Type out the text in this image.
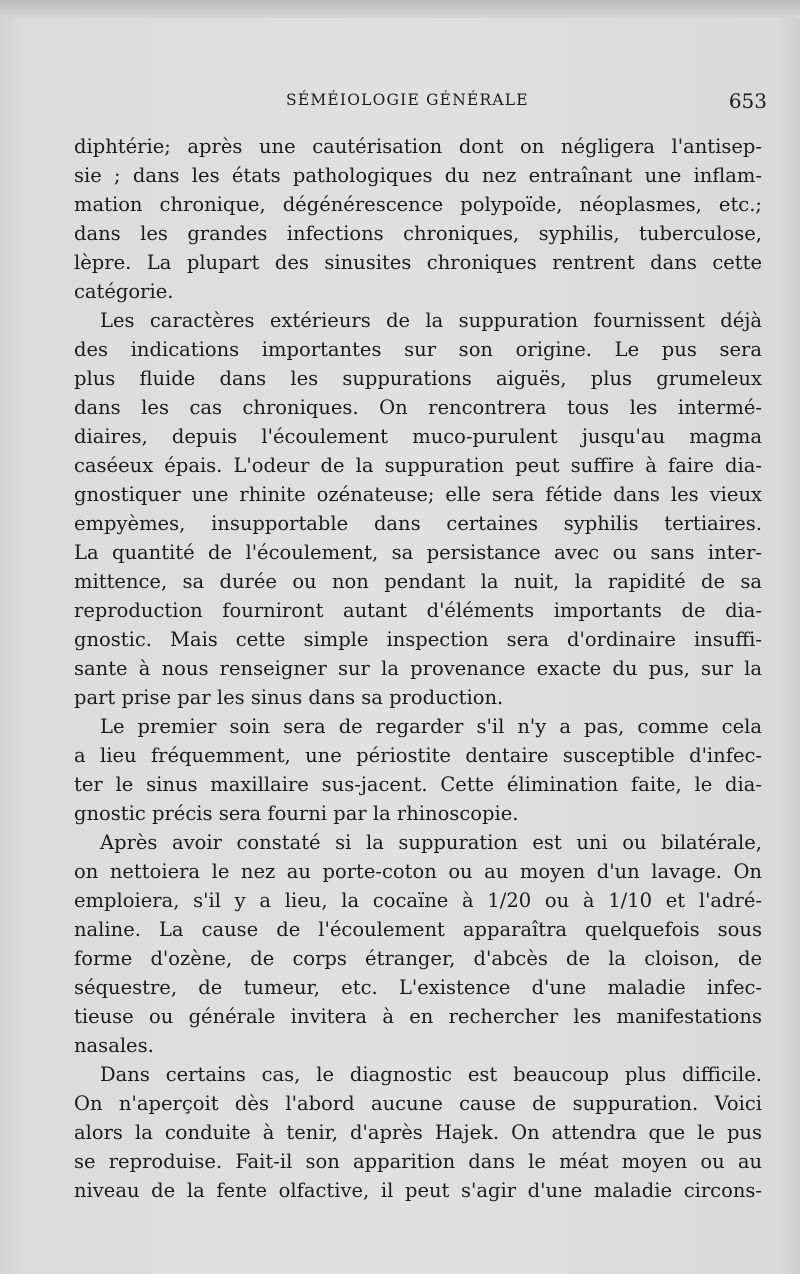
SÉMÉIOLOGIE GÉNÉRALE	653
diphtérie; après une cautérisation dont on négligera l'antisep-
sie ; dans les états pathologiques du nez entraînant une inflam-
mation chronique, dégénérescence polypoïde, néoplasmes, etc.;
dans les grandes infections chroniques, syphilis, tuberculose,
lèpre. La plupart des sinusites chroniques rentrent dans cette
catégorie.
Les caractères extérieurs de la suppuration fournissent déjà
des indications importantes sur son origine. Le pus sera
plus fluide dans les suppurations aiguës, plus grumeleux
dans les cas chroniques. On rencontrera tous les intermé-
diaires, depuis l'écoulement muco-purulent jusqu'au magma
caséeux épais. L'odeur de la suppuration peut suffire à faire dia-
gnostiquer une rhinite ozénateuse; elle sera fétide dans les vieux
empyèmes, insupportable dans certaines syphilis tertiaires.
La quantité de l'écoulement, sa persistance avec ou sans inter-
mittence, sa durée ou non pendant la nuit, la rapidité de sa
reproduction fourniront autant d'éléments importants de dia-
gnostic. Mais cette simple inspection sera d'ordinaire insuffi-
sante à nous renseigner sur la provenance exacte du pus, sur la
part prise par les sinus dans sa production.
Le premier soin sera de regarder s'il n'y a pas, comme cela
a lieu fréquemment, une périostite dentaire susceptible d'infec-
ter le sinus maxillaire sus-jacent. Cette élimination faite, le dia-
gnostic précis sera fourni par la rhinoscopie.
Après avoir constaté si la suppuration est uni ou bilatérale,
on nettoiera le nez au porte-coton ou au moyen d'un lavage. On
emploiera, s'il y a lieu, la cocaïne à 1/20 ou à 1/10 et l'adré-
naline. La cause de l'écoulement apparaîtra quelquefois sous
forme d'ozène, de corps étranger, d'abcès de la cloison, de
séquestre, de tumeur, etc. L'existence d'une maladie infec-
tieuse ou générale invitera à en rechercher les manifestations
nasales.
Dans certains cas, le diagnostic est beaucoup plus difficile.
On n'aperçoit dès l'abord aucune cause de suppuration. Voici
alors la conduite à tenir, d'après Hajek. On attendra que le pus
se reproduise. Fait-il son apparition dans le méat moyen ou au
niveau de la fente olfactive, il peut s'agir d'une maladie circons-
